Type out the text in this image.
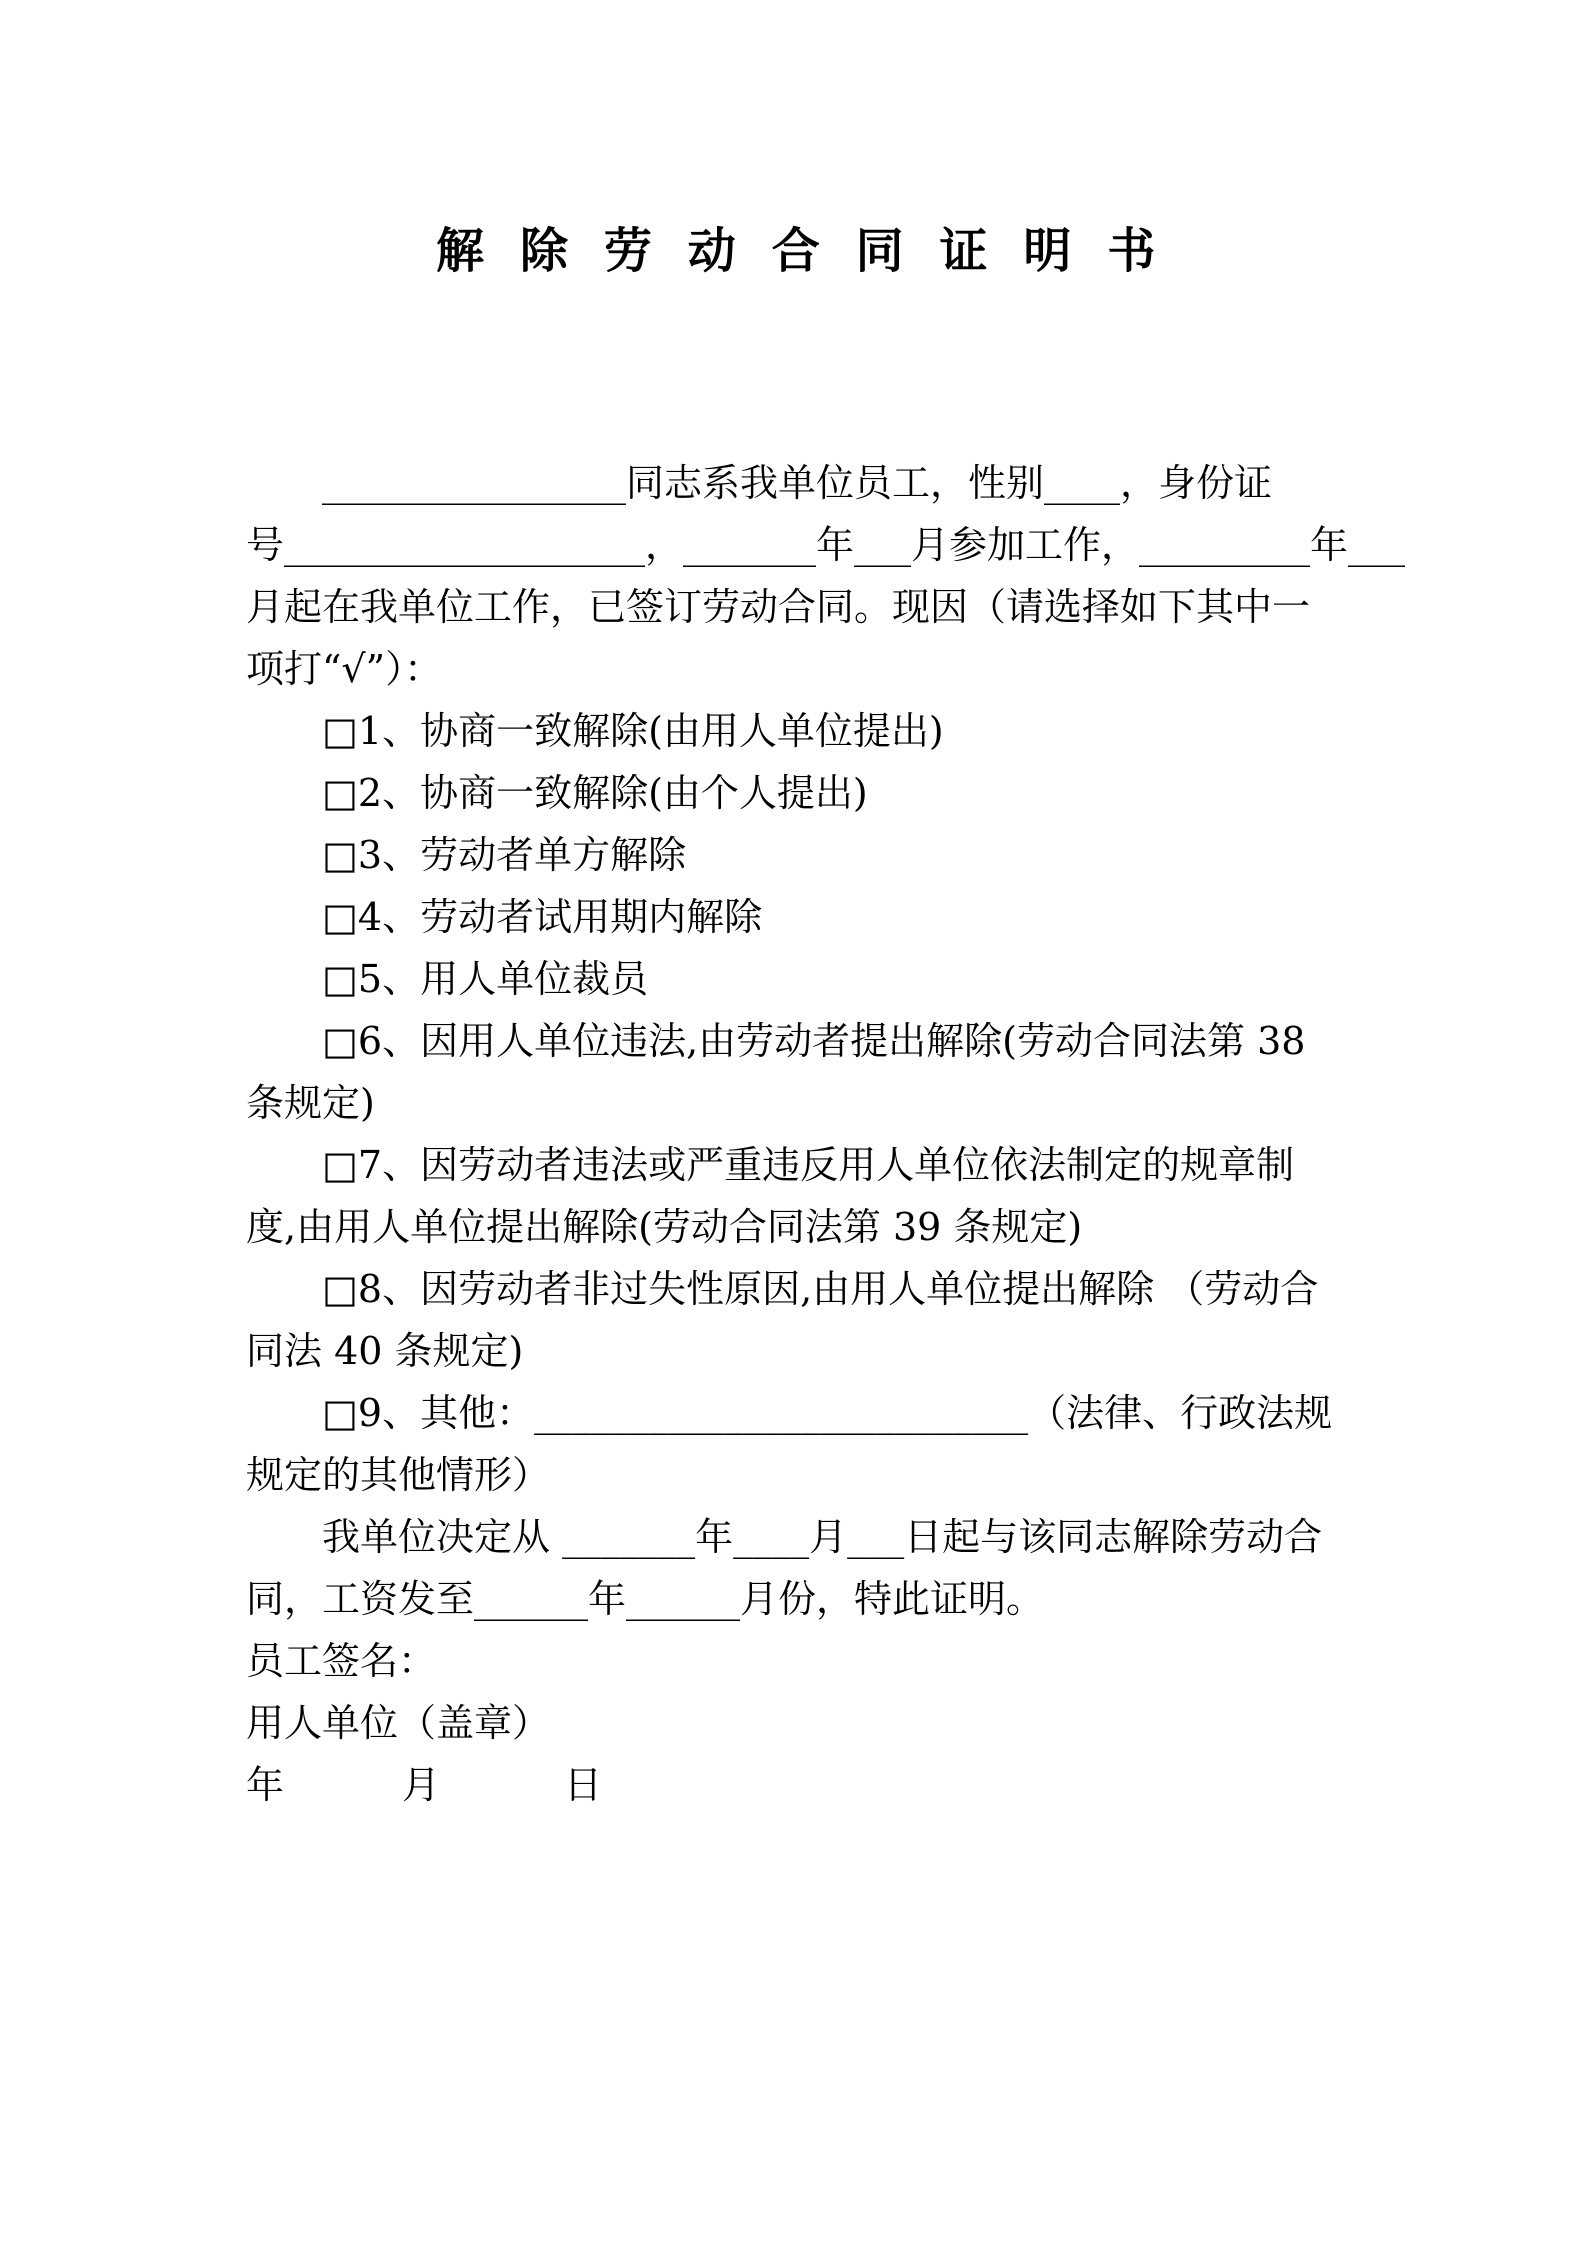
解 除 劳 动 合 同 证 明 书

________________同志系我单位员工，性别____，身份证

号___________________，_______年___月参加工作，_________年___

月起在我单位工作，已签订劳动合同。现因（请选择如下其中一

项打“√”）：

□1、协商一致解除(由用人单位提出)

□2、协商一致解除(由个人提出)

□3、劳动者单方解除

□4、劳动者试用期内解除

□5、用人单位裁员

□6、因用人单位违法,由劳动者提出解除(劳动合同法第 38

条规定)

□7、因劳动者违法或严重违反用人单位依法制定的规章制

度,由用人单位提出解除(劳动合同法第 39 条规定)

□8、因劳动者非过失性原因,由用人单位提出解除 （劳动合

同法 40 条规定)

□9、其他：__________________________（法律、行政法规

规定的其他情形）

我单位决定从 _______年____月___日起与该同志解除劳动合

同，工资发至______年______月份，特此证明。

员工签名：

用人单位（盖章）

年	月	日
